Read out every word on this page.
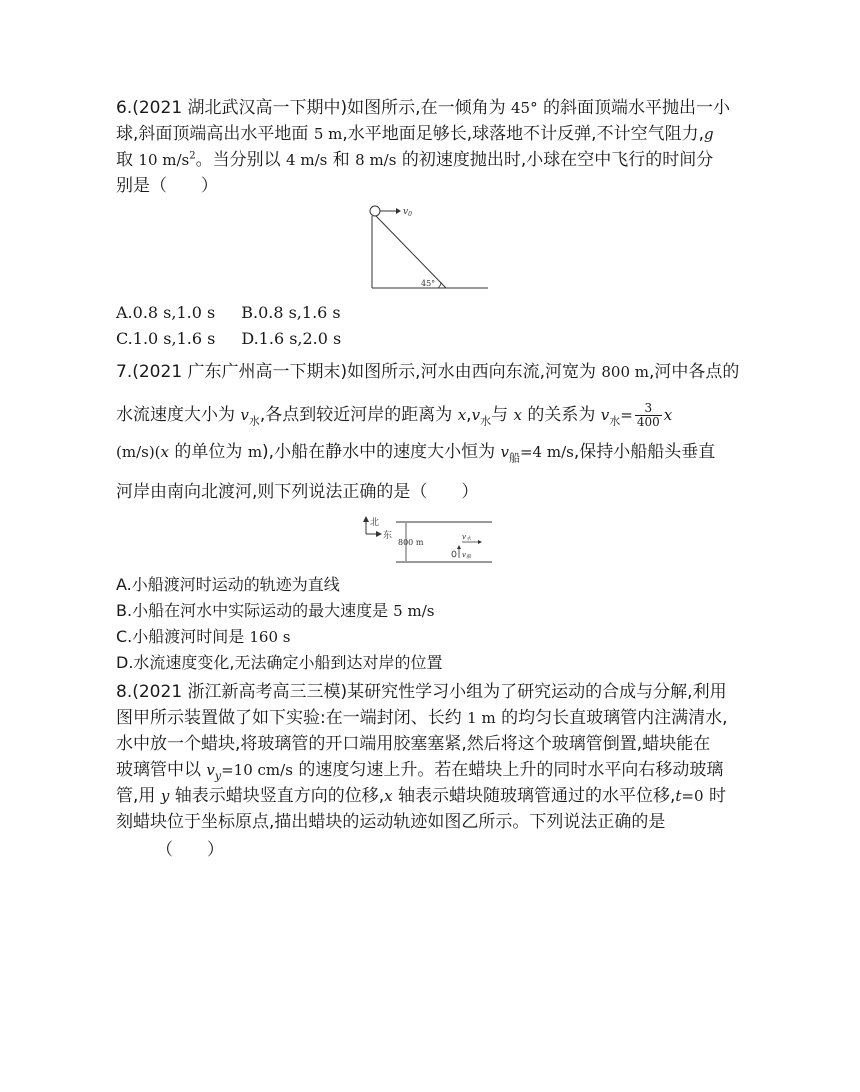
6.(2021 湖北武汉高一下期中)如图所示,在一倾角为 45° 的斜面顶端水平抛出一小
球,斜面顶端高出水平地面 5 m,水平地面足够长,球落地不计反弹,不计空气阻力,g
取 10 $m/s^2$。当分别以 4 m/s 和 8 m/s 的初速度抛出时,小球在空中飞行的时间分
别是（　　）
$v_0$
45°
A.0.8 s,1.0 s B.0.8 s,1.6 s
C.1.0 s,1.6 s D.1.6 s,2.0 s
7.(2021 广东广州高一下期末)如图所示,河水由西向东流,河宽为 800 m,河中各点的
水流速度大小为 $v_水$,各点到较近河岸的距离为 $x,v_水$与 x 的关系为 $v_水= \frac{3}{400}$ x
(m/s)(x 的单位为 m),小船在静水中的速度大小恒为 $v_船=4$ m/s,保持小船船头垂直
河岸由南向北渡河,则下列说法正确的是（　　）
北
东
800 m
v水
v船
A.小船渡河时运动的轨迹为直线
B.小船在河水中实际运动的最大速度是 5 m/s
C.小船渡河时间是 160 s
D.水流速度变化,无法确定小船到达对岸的位置
8.(2021 浙江新高考高三三模)某研究性学习小组为了研究运动的合成与分解,利用
图甲所示装置做了如下实验:在一端封闭、长约 1 m 的均匀长直玻璃管内注满清水,
水中放一个蜡块,将玻璃管的开口端用胶塞塞紧,然后将这个玻璃管倒置,蜡块能在
玻璃管中以 $v_y=10$ cm/s 的速度匀速上升。若在蜡块上升的同时水平向右移动玻璃
管,用 y 轴表示蜡块竖直方向的位移,x 轴表示蜡块随玻璃管通过的水平位移,t=0 时
刻蜡块位于坐标原点,描出蜡块的运动轨迹如图乙所示。下列说法正确的是
（　　）
